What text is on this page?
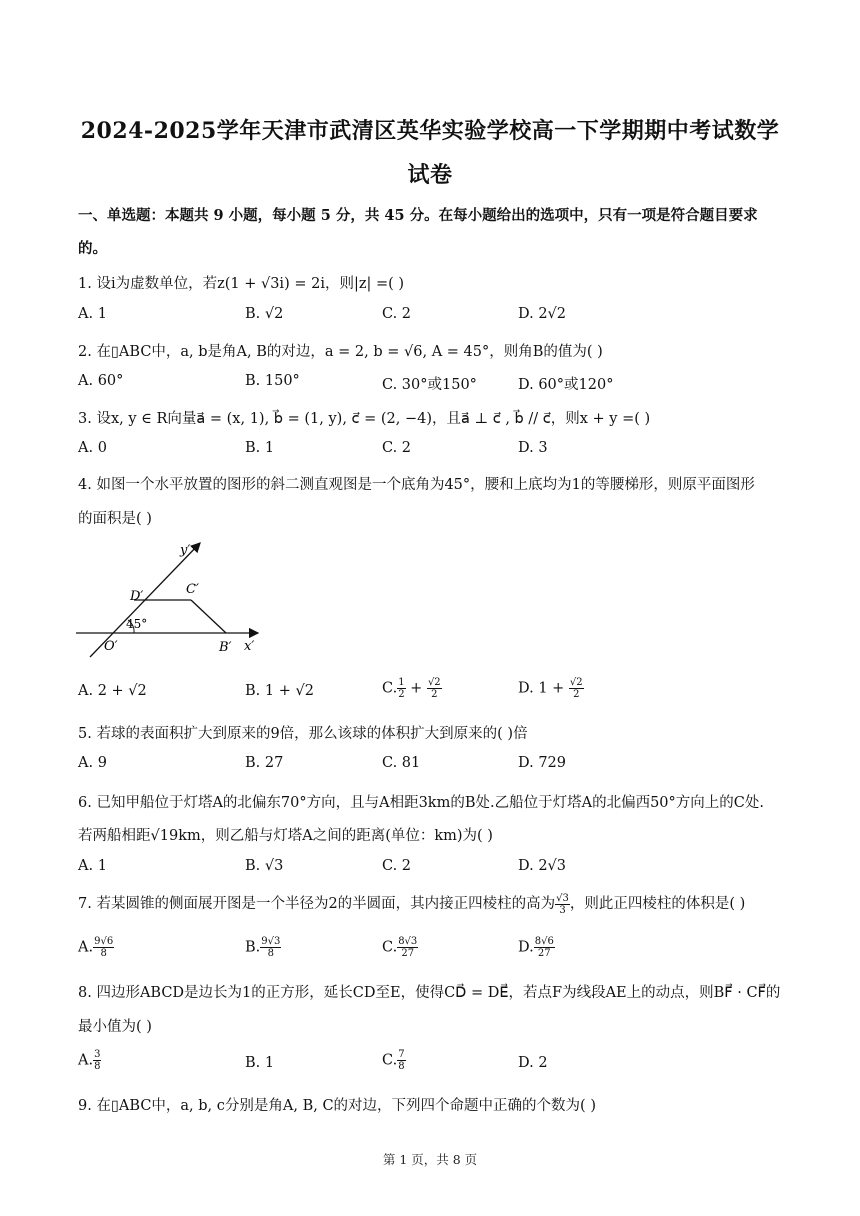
2024-2025学年天津市武清区英华实验学校高一下学期期中考试数学
试卷
一、单选题：本题共 9 小题，每小题 5 分，共 45 分。在每小题给出的选项中，只有一项是符合题目要求
的。
1. 设i为虚数单位，若z(1 + √3i) = 2i，则|z| =( )
A. 1	B. √2	C. 2	D. 2√2
2. 在▯ABC中，a, b是角A, B的对边，a = 2, b = √6, A = 45°，则角B的值为( )
A. 60°	B. 150°	C. 30°或150°	D. 60°或120°
3. 设x, y ∈ R向量a⃗ = (x, 1), b⃗ = (1, y), c⃗ = (2, −4)，且a⃗ ⊥ c⃗ , b⃗ // c⃗，则x + y =( )
A. 0	B. 1	C. 2	D. 3
4. 如图一个水平放置的图形的斜二测直观图是一个底角为45°，腰和上底均为1的等腰梯形，则原平面图形
的面积是( )
y′
D′	C′
45°
O′	B′ x′
A. 2 + √2	B. 1 + √2	C. $\frac{1}{2} + \frac{√2}{2}$	D. $1 + \frac{√2}{2}$
5. 若球的表面积扩大到原来的9倍，那么该球的体积扩大到原来的( )倍
A. 9	B. 27	C. 81	D. 729
6. 已知甲船位于灯塔A的北偏东70°方向，且与A相距3km的B处.乙船位于灯塔A的北偏西50°方向上的C处.
若两船相距√19km，则乙船与灯塔A之间的距离(单位：km)为( )
A. 1	B. √3	C. 2	D. 2√3
7. 若某圆锥的侧面展开图是一个半径为2的半圆面，其内接正四棱柱的高为 $\frac{√3}{3}$ ，则此正四棱柱的体积是( )
A. $\frac{9√6}{8}$	B. $\frac{9√3}{8}$	C. $\frac{8√3}{27}$	D. $\frac{8√6}{27}$
8. 四边形ABCD是边长为1的正方形，延长CD至E，使得CD⃗ = DE⃗，若点F为线段AE上的动点，则BF⃗ · CF⃗的
最小值为( )
A. $\frac{3}{8}$	B. 1	C. $\frac{7}{8}$	D. 2
9. 在▯ABC中，a, b, c分别是角A, B, C的对边，下列四个命题中正确的个数为( )
第 1 页，共 8 页
